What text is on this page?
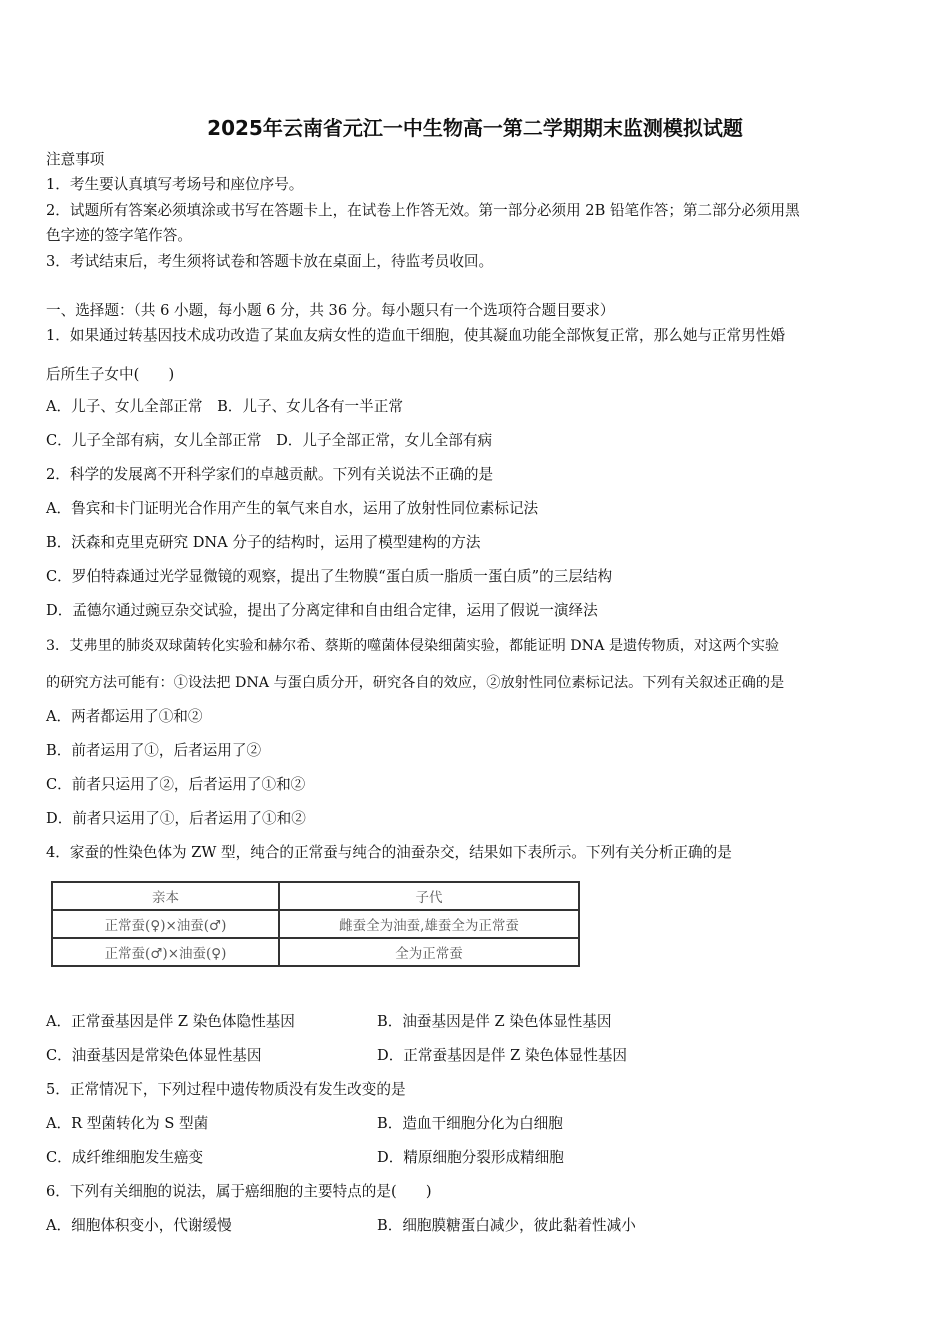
2025年云南省元江一中生物高一第二学期期末监测模拟试题
注意事项
1．考生要认真填写考场号和座位序号。
2．试题所有答案必须填涂或书写在答题卡上，在试卷上作答无效。第一部分必须用 2B 铅笔作答；第二部分必须用黑
色字迹的签字笔作答。
3．考试结束后，考生须将试卷和答题卡放在桌面上，待监考员收回。
一、选择题：（共 6 小题，每小题 6 分，共 36 分。每小题只有一个选项符合题目要求）
1．如果通过转基因技术成功改造了某血友病女性的造血干细胞，使其凝血功能全部恢复正常，那么她与正常男性婚
后所生子女中(　　)
A．儿子、女儿全部正常  B．儿子、女儿各有一半正常
C．儿子全部有病，女儿全部正常  D．儿子全部正常，女儿全部有病
2．科学的发展离不开科学家们的卓越贡献。下列有关说法不正确的是
A．鲁宾和卡门证明光合作用产生的氧气来自水，运用了放射性同位素标记法
B．沃森和克里克研究 DNA 分子的结构时，运用了模型建构的方法
C．罗伯特森通过光学显微镜的观察，提出了生物膜“蛋白质一脂质一蛋白质”的三层结构
D．孟德尔通过豌豆杂交试验，提出了分离定律和自由组合定律，运用了假说一演绎法
3．艾弗里的肺炎双球菌转化实验和赫尔希、蔡斯的噬菌体侵染细菌实验，都能证明 DNA 是遗传物质，对这两个实验
的研究方法可能有：①设法把 DNA 与蛋白质分开，研究各自的效应，②放射性同位素标记法。下列有关叙述正确的是
A．两者都运用了①和②
B．前者运用了①，后者运用了②
C．前者只运用了②，后者运用了①和②
D．前者只运用了①，后者运用了①和②
4．家蚕的性染色体为 ZW 型，纯合的正常蚕与纯合的油蚕杂交，结果如下表所示。下列有关分析正确的是
亲本	子代
正常蚕(♀)×油蚕(♂)	雌蚕全为油蚕,雄蚕全为正常蚕
正常蚕(♂)×油蚕(♀)	全为正常蚕
A．正常蚕基因是伴 Z 染色体隐性基因	B．油蚕基因是伴 Z 染色体显性基因
C．油蚕基因是常染色体显性基因	D．正常蚕基因是伴 Z 染色体显性基因
5．正常情况下，下列过程中遗传物质没有发生改变的是
A．R 型菌转化为 S 型菌	B．造血干细胞分化为白细胞
C．成纤维细胞发生癌变	D．精原细胞分裂形成精细胞
6．下列有关细胞的说法，属于癌细胞的主要特点的是(　　)
A．细胞体积变小，代谢缓慢	B．细胞膜糖蛋白减少，彼此黏着性减小
